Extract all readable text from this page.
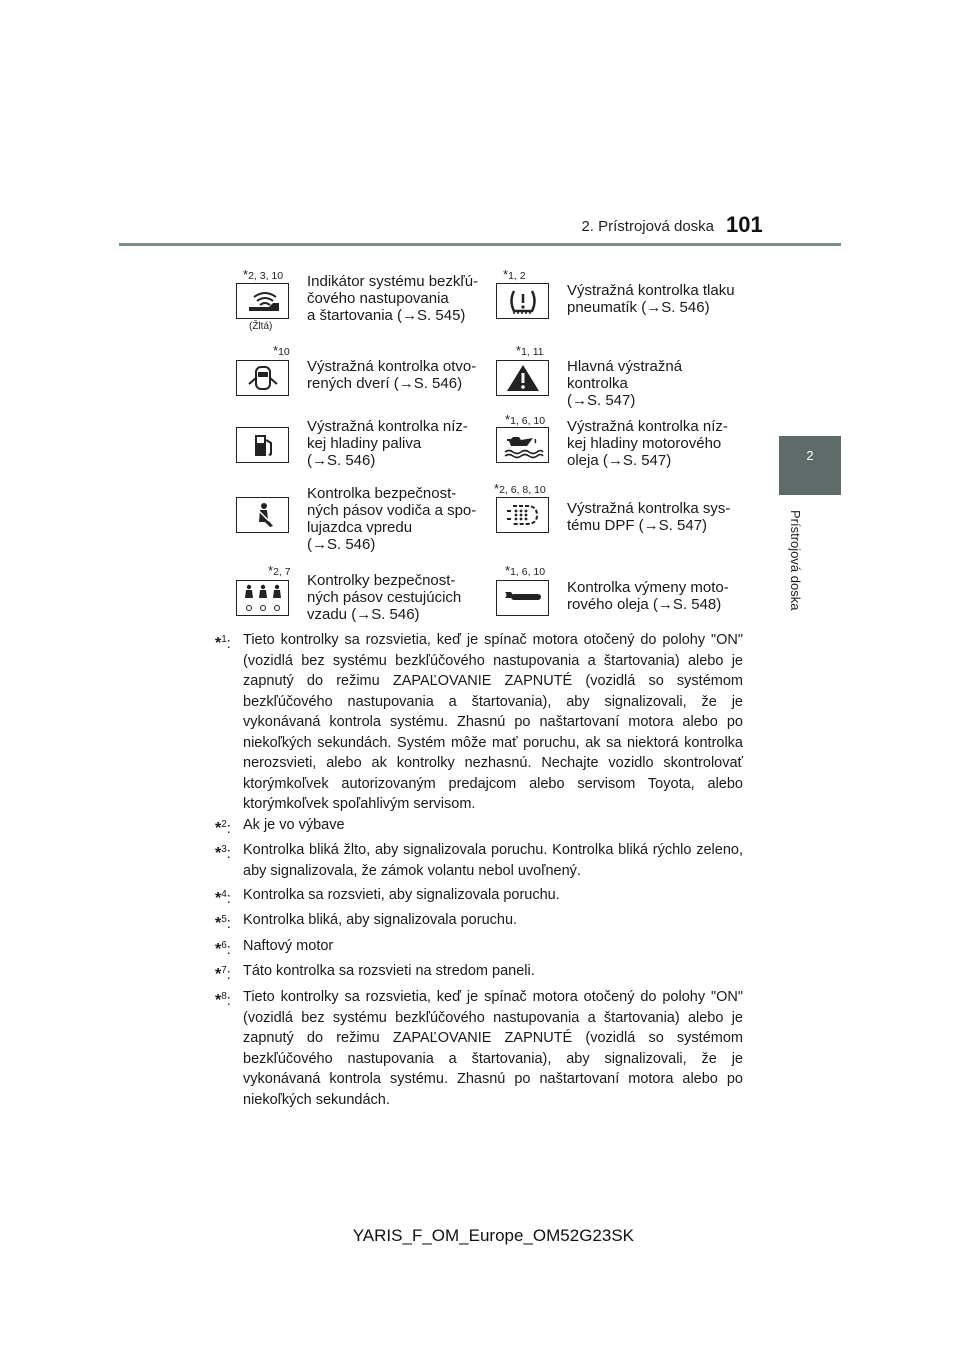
2. Prístrojová doska 101
2
Prístrojová doska
*2, 3, 10
(Žltá)
Indikátor systému bezkľú-
čového nastupovania
a štartovania (→S. 545)
*10
Výstražná kontrolka otvo-
rených dverí (→S. 546)
Výstražná kontrolka níz-
kej hladiny paliva
(→S. 546)
Kontrolka bezpečnost-
ných pásov vodiča a spo-
lujazdca vpredu
(→S. 546)
*2, 7 Kontrolky bezpečnost-
ných pásov cestujúcich
vzadu (→S. 546)
*1, 2
Výstražná kontrolka tlaku
pneumatík (→S. 546)
*1, 11
Hlavná výstražná kontrolka
(→S. 547)
*1, 6, 10 Výstražná kontrolka níz-
kej hladiny motorového
oleja (→S. 547)
*2, 6, 8, 10
Výstražná kontrolka sys-
tému DPF (→S. 547)
*1, 6, 10
Kontrolka výmeny moto-
rového oleja (→S. 548)
*$^1$: Tieto kontrolky sa rozsvietia, keď je spínač motora otočený do polohy "ON" (vozidlá bez systému bezkľúčového nastupovania a štartovania) alebo je zapnutý do režimu ZAPAĽOVANIE ZAPNUTÉ (vozidlá so systémom bezkľúčového nastupovania a štartovania), aby signalizovali, že je vykonávaná kontrola systému. Zhasnú po naštartovaní motora alebo po niekoľkých sekundách. Systém môže mať poruchu, ak sa niektorá kontrolka nerozsvieti, alebo ak kontrolky nezhasnú. Nechajte vozidlo skontrolovať ktorýmkoľvek autorizovaným predajcom alebo servisom Toyota, alebo ktorýmkoľvek spoľahlivým servisom.
*$^2$: Ak je vo výbave
*$^3$: Kontrolka bliká žlto, aby signalizovala poruchu. Kontrolka bliká rýchlo zeleno, aby signalizovala, že zámok volantu nebol uvoľnený.
*$^4$: Kontrolka sa rozsvieti, aby signalizovala poruchu.
*$^5$: Kontrolka bliká, aby signalizovala poruchu.
*$^6$: Naftový motor
*$^7$: Táto kontrolka sa rozsvieti na stredom paneli.
*$^8$: Tieto kontrolky sa rozsvietia, keď je spínač motora otočený do polohy "ON" (vozidlá bez systému bezkľúčového nastupovania a štartovania) alebo je zapnutý do režimu ZAPAĽOVANIE ZAPNUTÉ (vozidlá so systémom bezkľúčového nastupovania a štartovania), aby signalizovali, že je vykonávaná kontrola systému. Zhasnú po naštartovaní motora alebo po niekoľkých sekundách.
YARIS_F_OM_Europe_OM52G23SK
